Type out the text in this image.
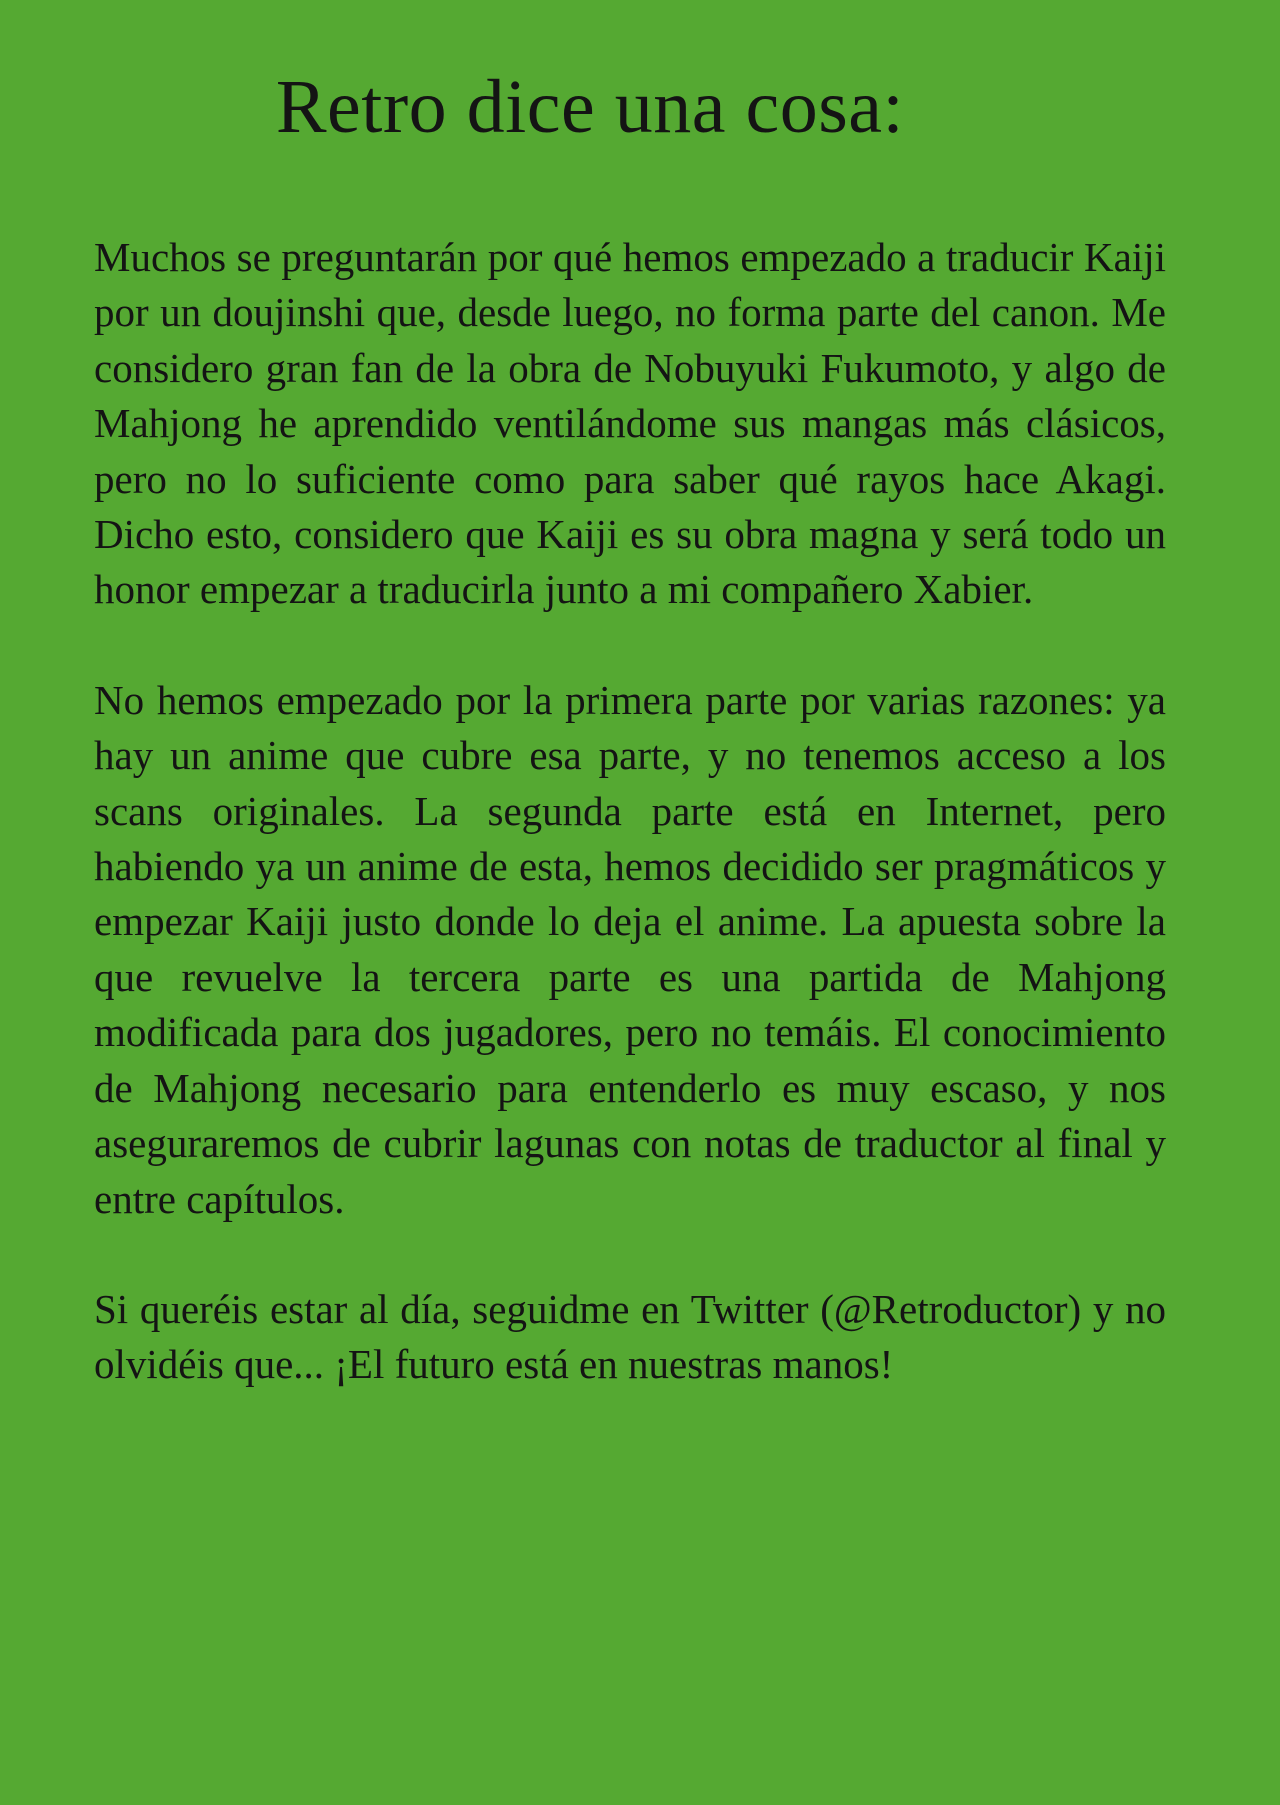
Retro dice una cosa:

Muchos se preguntarán por qué hemos empezado a traducir Kaiji por un doujinshi que, desde luego, no forma parte del canon. Me considero gran fan de la obra de Nobuyuki Fukumoto, y algo de Mahjong he aprendido ventilándome sus mangas más clásicos, pero no lo suficiente como para saber qué rayos hace Akagi. Dicho esto, considero que Kaiji es su obra magna y será todo un honor empezar a traducirla junto a mi compañero Xabier.

No hemos empezado por la primera parte por varias razones: ya hay un anime que cubre esa parte, y no tenemos acceso a los scans originales. La segunda parte está en Internet, pero habiendo ya un anime de esta, hemos decidido ser pragmáticos y empezar Kaiji justo donde lo deja el anime. La apuesta sobre la que revuelve la tercera parte es una partida de Mahjong modificada para dos jugadores, pero no temáis. El conocimiento de Mahjong necesario para entenderlo es muy escaso, y nos aseguraremos de cubrir lagunas con notas de traductor al final y entre capítulos.

Si queréis estar al día, seguidme en Twitter (@Retroductor) y no olvidéis que... ¡El futuro está en nuestras manos!
